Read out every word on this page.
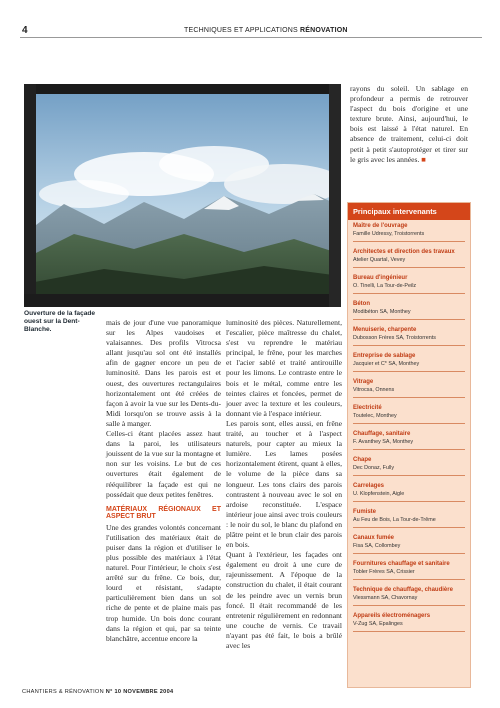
4	TECHNIQUES ET APPLICATIONS RÉNOVATION
Ouverture de la façade ouest sur la Dent-Blanche.

mais de jour d'une vue panoramique sur les Alpes vaudoises et valaisannes. Des profils Vitrocsa allant jusqu'au sol ont été installés afin de gagner encore un peu de luminosité. Dans les parois est et ouest, des ouvertures rectangulaires horizontalement ont été créées de façon à avoir la vue sur les Dents-du-Midi lorsqu'on se trouve assis à la salle à manger.

Celles-ci étant placées assez haut dans la paroi, les utilisateurs jouissent de la vue sur la montagne et non sur les voisins. Le but de ces ouvertures était également de rééquilibrer la façade est qui ne possédait que deux petites fenêtres.

MATÉRIAUX RÉGIONAUX ET ASPECT BRUT

Une des grandes volontés concernant l'utilisation des matériaux était de puiser dans la région et d'utiliser le plus possible des matériaux à l'état naturel. Pour l'intérieur, le choix s'est arrêté sur du frêne. Ce bois, dur, lourd et résistant, s'adapte particulièrement bien dans un sol riche de pente et de plaine mais pas trop humide. Un bois donc courant dans la région et qui, par sa teinte blanchâtre, accentue encore la

luminosité des pièces. Naturellement, l'escalier, pièce maîtresse du chalet, s'est vu reprendre le matériau principal, le frêne, pour les marches et l'acier sablé et traité antirouille pour les limons. Le contraste entre le bois et le métal, comme entre les teintes claires et foncées, permet de jouer avec la texture et les couleurs, donnant vie à l'espace intérieur.

Les parois sont, elles aussi, en frêne traité, au toucher et à l'aspect naturels, pour capter au mieux la lumière. Les lames posées horizontalement étirent, quant à elles, le volume de la pièce dans sa longueur. Les tons clairs des parois contrastent à nouveau avec le sol en ardoise reconstituée. L'espace intérieur joue ainsi avec trois couleurs : le noir du sol, le blanc du plafond en plâtre peint et le brun clair des parois en bois.

Quant à l'extérieur, les façades ont également eu droit à une cure de rajeunissement. A l'époque de la construction du chalet, il était courant de les peindre avec un vernis brun foncé. Il était recommandé de les entretenir régulièrement en redonnant une couche de vernis. Ce travail n'ayant pas été fait, le bois a brûlé avec les

rayons du soleil. Un sablage en profondeur a permis de retrouver l'aspect du bois d'origine et une texture brute. Ainsi, aujourd'hui, le bois est laissé à l'état naturel. En absence de traitement, celui-ci doit petit à petit s'autoprotéger et tirer sur le gris avec les années. ■

Principaux intervenants
Maître de l'ouvrage
Famille Udressy, Troistorrents
Architectes et direction des travaux
Atelier Quartal, Vevey
Bureau d'ingénieur
O. Tinelli, La Tour-de-Peilz
Béton
Modibéton SA, Monthey
Menuiserie, charpente
Dubosson Frères SA, Troistorrents
Entreprise de sablage
Jacquier et C* SA, Monthey
Vitrage
Vitrocsa, Onnens
Electricité
Toutelec, Monthey
Chauffage, sanitaire
F. Avanthey SA, Monthey
Chape
Dec Donaz, Fully
Carrelages
U. Klopfenstein, Aigle
Fumiste
Au Feu de Bois, La Tour-de-Trême
Canaux fumée
Fisa SA, Collombey
Fournitures chauffage et sanitaire
Tobler Frères SA, Crissier
Technique de chauffage, chaudière
Viessmann SA, Chavornay
Appareils électroménagers
V-Zug SA, Epalinges
CHANTIERS & RÉNOVATION N° 10 NOVEMBRE 2004
